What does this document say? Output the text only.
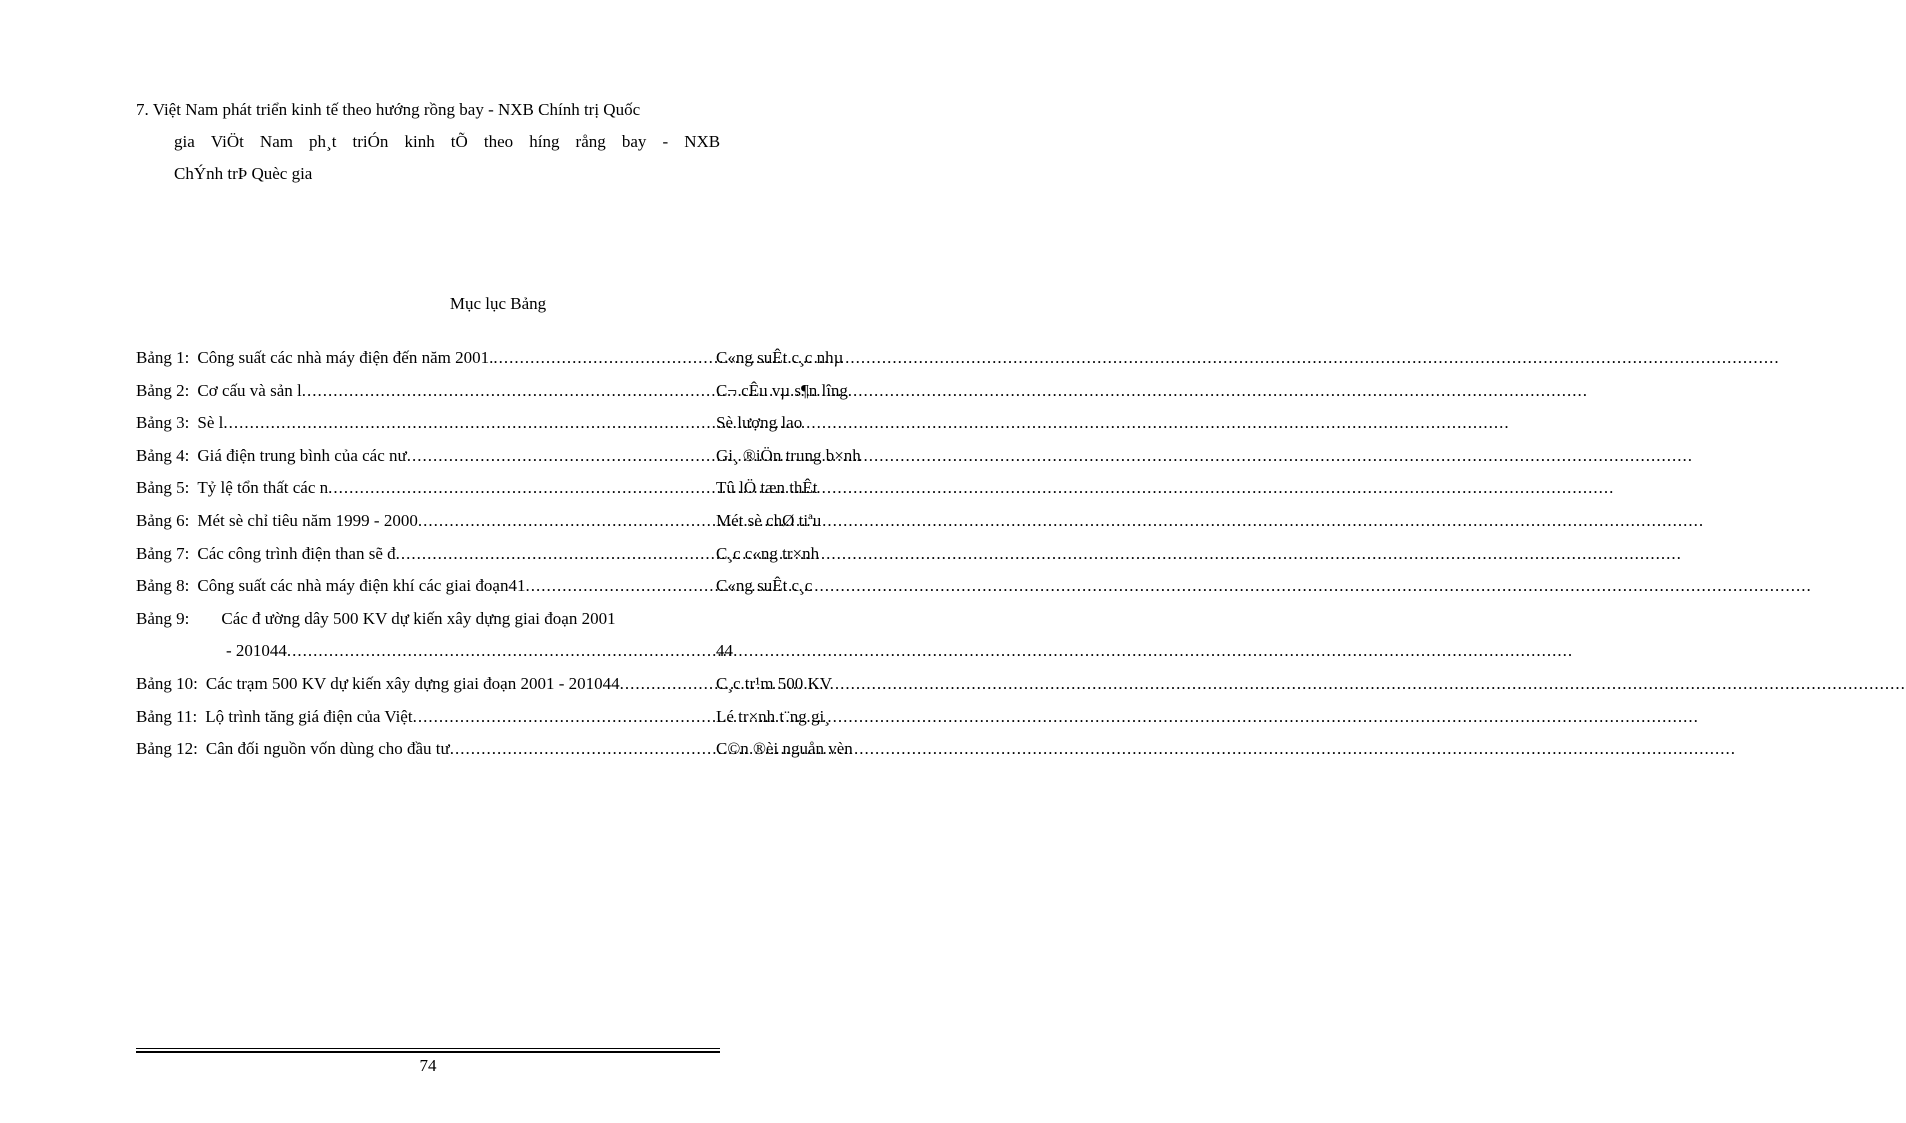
7. Việt Nam phát triển kinh tế theo hướng rồng bay - NXB Chính trị Quốc
gia ViÖt Nam ph¸t triÓn kinh tÕ theo híng rång bay - NXB
ChÝnh trÞ Quèc gia
Mục lục Bảng
Bảng 1: Công suất các nhà máy điện đến năm 2001. .....	C«ng suÊt c¸c nhµ
Bảng 2: Cơ cấu và sản l .....	C¬ cÊu vµ s¶n lîng
Bảng 3: Sè l .....	Sè lượng lao
Bảng 4: Giá điện trung bình của các nư .....	Gi¸ ®iÖn trung b×nh
Bảng 5: Tỷ lệ tổn thất các n .....	Tû lÖ tæn thÊt
Bảng 6: Mét sè chỉ tiêu năm 1999 - 2000 .....	Mét sè chØ tiªu
Bảng 7: Các công trình điện than sẽ đ .....	C¸c c«ng tr×nh
Bảng 8: Công suất các nhà máy điện khí các giai đoạn41 .....	C«ng suÊt c¸c
Bảng 9: Các đ ường dây 500 KV dự kiến xây dựng giai đoạn 2001
- 201044 .....	44
Bảng 10: Các trạm 500 KV dự kiến xây dựng giai đoạn 2001 - 201044 .....	C¸c tr¹m 500 KV
Bảng 11: Lộ trình tăng giá điện của Việt .....	Lé tr×nh t¨ng gi¸
Bảng 12: Cân đối nguồn vốn dùng cho đầu tư .....	C©n ®èi nguån vèn
74
